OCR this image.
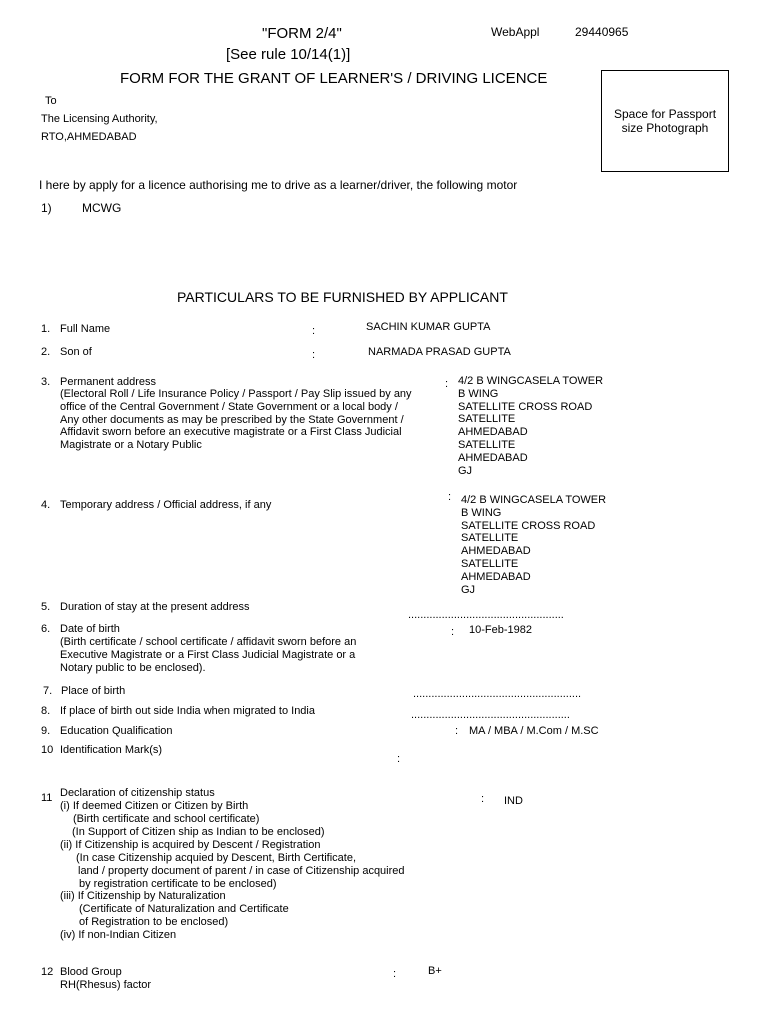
"FORM 2/4"
[See rule 10/14(1)]
FORM FOR THE GRANT OF LEARNER'S / DRIVING LICENCE
WebAppl	29440965
Space for Passport
size Photograph
To
The Licensing Authority,
RTO,AHMEDABAD
I here by apply for a licence authorising me to drive as a learner/driver, the following motor
1)	MCWG
PARTICULARS TO BE FURNISHED BY APPLICANT
1. Full Name	:	SACHIN KUMAR GUPTA
2. Son of	:	NARMADA PRASAD GUPTA
3. Permanent address
(Electoral Roll / Life Insurance Policy / Passport / Pay Slip issued by any
office of the Central Government / State Government or a local body /
Any other documents as may be prescribed by the State Government /
Affidavit sworn before an executive magistrate or a First Class Judicial
Magistrate or a Notary Public
: 4/2 B WINGCASELA TOWER
B WING
SATELLITE CROSS ROAD
SATELLITE
AHMEDABAD
SATELLITE
AHMEDABAD
GJ
4. Temporary address / Official address, if any
: 4/2 B WINGCASELA TOWER
B WING
SATELLITE CROSS ROAD
SATELLITE
AHMEDABAD
SATELLITE
AHMEDABAD
GJ
5. Duration of stay at the present address
...................................................
6. Date of birth
(Birth certificate / school certificate / affidavit sworn before an
Executive Magistrate or a First Class Judicial Magistrate or a
Notary public to be enclosed).
: 10-Feb-1982
7. Place of birth	.......................................................
8. If place of birth out side India when migrated to India	....................................................
9. Education Qualification	: MA / MBA / M.Com / M.SC
10 Identification Mark(s)
:
11 Declaration of citizenship status
(i) If deemed Citizen or Citizen by Birth
(Birth certificate and school certificate)
(In Support of Citizen ship as Indian to be enclosed)
(ii) If Citizenship is acquired by Descent / Registration
(In case Citizenship acquied by Descent, Birth Certificate,
land / property document of parent / in case of Citizenship acquired
by registration certificate to be enclosed)
(iii) If Citizenship by Naturalization
(Certificate of Naturalization and Certificate
of Registration to be enclosed)
(iv) If non-Indian Citizen
: IND
12 Blood Group
RH(Rhesus) factor
:	B+
